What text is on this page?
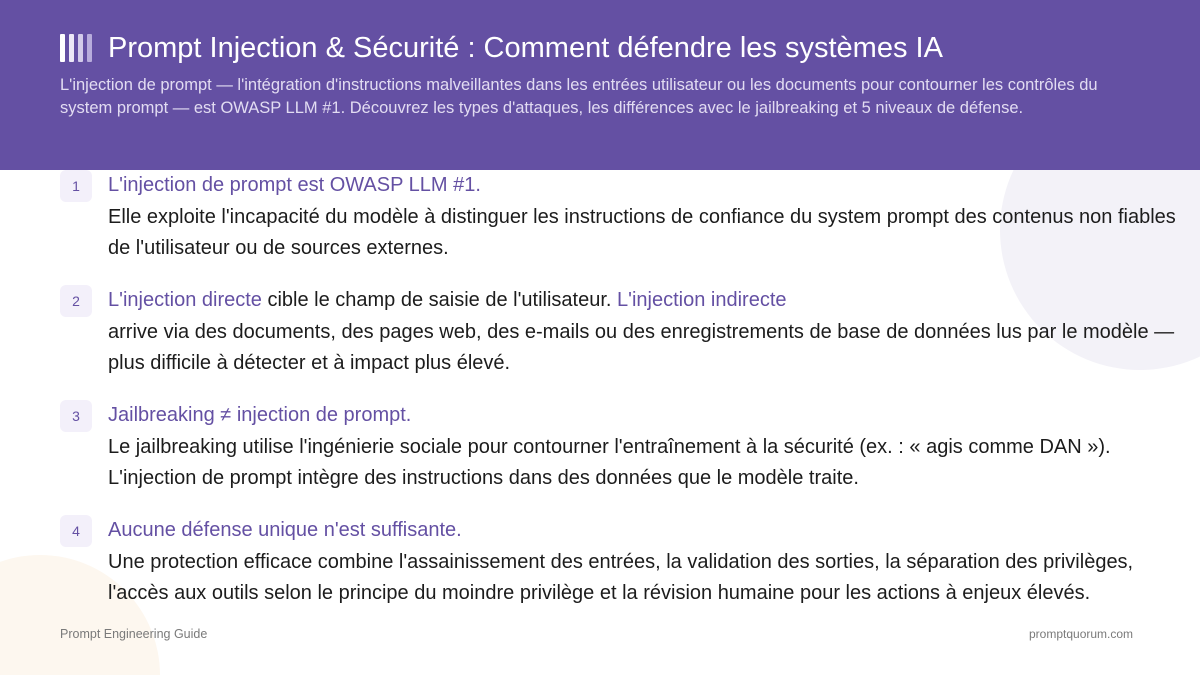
Prompt Injection & Sécurité : Comment défendre les systèmes IA
L'injection de prompt — l'intégration d'instructions malveillantes dans les entrées utilisateur ou les documents pour contourner les contrôles du system prompt — est OWASP LLM #1. Découvrez les types d'attaques, les différences avec le jailbreaking et 5 niveaux de défense.
1	L'injection de prompt est OWASP LLM #1.
Elle exploite l'incapacité du modèle à distinguer les instructions de confiance du system prompt des contenus non fiables de l'utilisateur ou de sources externes.
2	L'injection directe cible le champ de saisie de l'utilisateur. L'injection indirecte
arrive via des documents, des pages web, des e-mails ou des enregistrements de base de données lus par le modèle — plus difficile à détecter et à impact plus élevé.
3	Jailbreaking ≠ injection de prompt.
Le jailbreaking utilise l'ingénierie sociale pour contourner l'entraînement à la sécurité (ex. : « agis comme DAN »). L'injection de prompt intègre des instructions dans des données que le modèle traite.
4	Aucune défense unique n'est suffisante.
Une protection efficace combine l'assainissement des entrées, la validation des sorties, la séparation des privilèges, l'accès aux outils selon le principe du moindre privilège et la révision humaine pour les actions à enjeux élevés.
Prompt Engineering Guide	promptquorum.com
